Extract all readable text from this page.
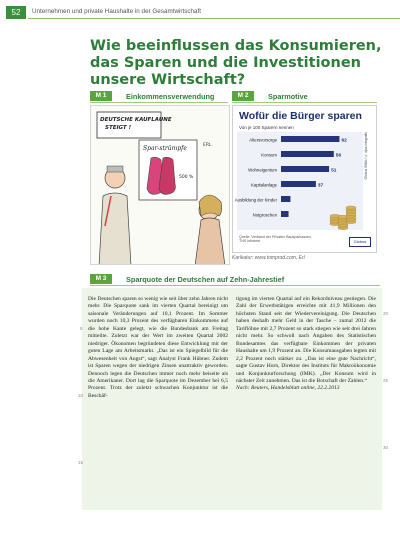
52	Unternehmen und private Haushalte in der Gesamtwirtschaft
Wie beeinflussen das Konsumieren, das Sparen und die Investitionen unsere Wirtschaft?
M 1	Einkommensverwendung	M 2	Sparmotive
DEUTSCHE KAUFLAUNE STEIGT !
Spar-strümpfe
500 %
ERL
Altersvorsorge	62
Konsum	56
Wohneigentum	51
Kapitalanlage	37
Ausbildung der Kinder
Notgroschen
Wofür die Bürger sparen
Von je 100 Sparern nennen
Globus 5584 / © dpa-infografik
Quelle: Verband der Privaten Bausparkassen, TNS Infratest	Globus
Karikatur: www.tomprod.com, Erl
M 3	Sparquote der Deutschen auf Zehn-Jahrestief

Die Deutschen sparen so wenig wie seit über zehn Jahren nicht mehr. Die Sparquote sank im vierten Quartal bereinigt um saisonale Veränderungen auf 10,1 Prozent. Im Sommer wurden noch 10,3 Prozent des verfügbaren Einkommens auf die hohe Kante gelegt, wie die Bundesbank am Freitag mitteilte. Zuletzt war der Wert im zweiten Quartal 2002 niedriger. Ökonomen begründeten diese Entwicklung mit der guten Lage am Arbeitsmarkt. „Das ist ein Spiegelbild für die Abwesenheit von Angst“, sagt Analyst Frank Hübner. Zudem ist Sparen wegen der niedrigen Zinsen unattraktiv geworden. Dennoch legen die Deutschen immer noch mehr beiseite als die Amerikaner. Dort lag die Sparquote im Dezember bei 6,5 Prozent. Trotz der zuletzt schwachen Konjunktur ist die Beschäf-

tigung im vierten Quartal auf ein Rekordniveau gestiegen. Die Zahl der Erwerbstätigen erreichte mit 41,9 Millionen den höchsten Stand seit der Wiedervereinigung. Die Deutschen haben deshalb mehr Geld in der Tasche – zumal 2012 die Tariflöhne mit 2,7 Prozent so stark stiegen wie seit drei Jahren nicht mehr. So schwoll nach Angaben des Statistischen Bundesamtes das verfügbare Einkommen der privaten Haushalte um 1,9 Prozent an. Die Konsumausgaben legten mit 2,2 Prozent noch stärker zu. „Das ist eine gute Nachricht“, sagte Gustav Horn, Direktor des Instituts für Makroökonomie und Konjunkturforschung (IMK). „Der Konsum wird in nächster Zeit zunehmen. Das ist die Botschaft der Zahlen.“

Nach: Reuters, Handelsblatt online, 22.2.2013

5
10
15
20
25
30
